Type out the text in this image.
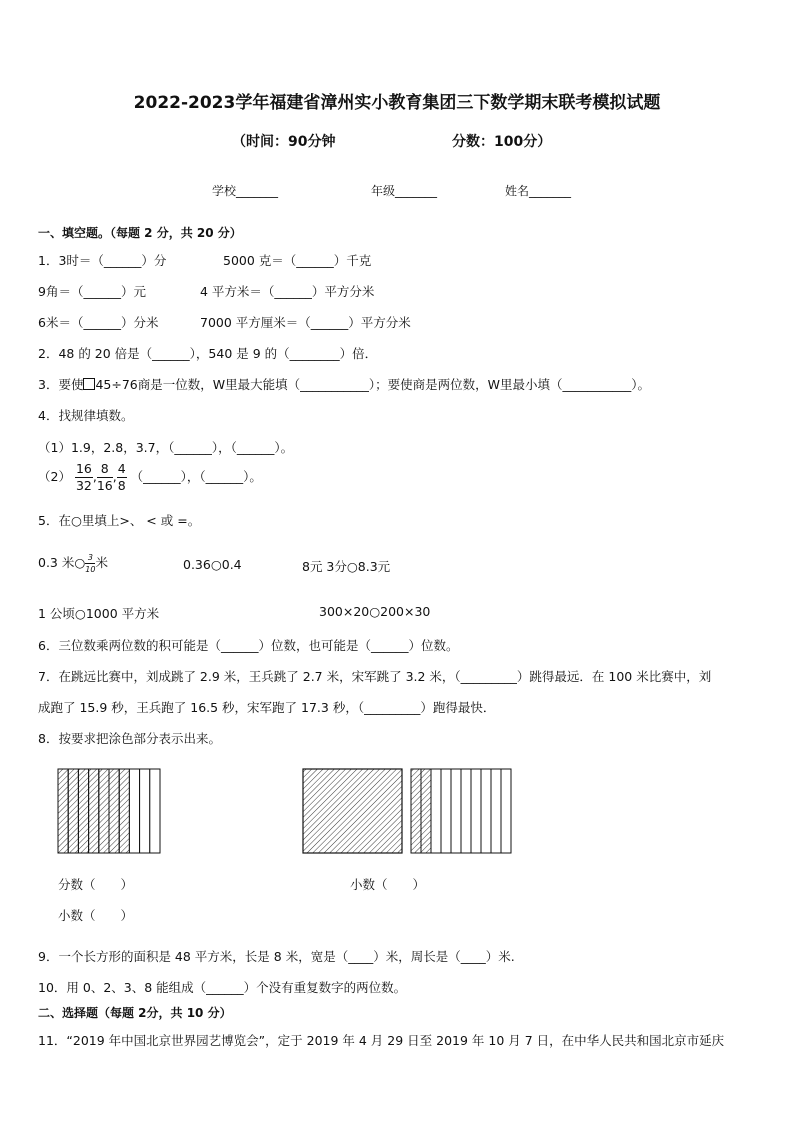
2022-2023学年福建省漳州实小教育集团三下数学期末联考模拟试题
（时间：90分钟	分数：100分）
学校_______	年级_______	姓名_______
一、填空题。（每题 2 分，共 20 分）
1．3时＝（______）分	5000 克＝（______）千克
9角＝（______）元	4 平方米＝（______）平方分米
6米＝（______）分米	7000 平方厘米＝（______）平方分米
2．48 的 20 倍是（______），540 是 9 的（________）倍．
3．要使 45÷76商是一位数，W里最大能填（___________）；要使商是两位数，W里最小填（___________）。
4．找规律填数。
（1）1.9，2.8，3.7，（______），（______）。
$(2) \frac{16}{32}$ , $\frac{8}{16}$ , $\frac{4}{8}$ （______），（______）。
5．在○里填上>、 < 或 =。
0.3 米○ $\frac{3}{10}$ 米	0.36○0.4	8元 3分○8.3元
1 公顷○1000 平方米	300×20○200×30
6．三位数乘两位数的积可能是（______）位数，也可能是（______）位数。
7．在跳远比赛中，刘成跳了 2.9 米，王兵跳了 2.7 米，宋军跳了 3.2 米，（_________）跳得最远．在 100 米比赛中，刘
成跑了 15.9 秒，王兵跑了 16.5 秒，宋军跑了 17.3 秒，（_________）跑得最快．
8．按要求把涂色部分表示出来。
分数（　　）	小数（　　）
小数（　　）
9．一个长方形的面积是 48 平方米，长是 8 米，宽是（____）米，周长是（____）米.
10．用 0、2、3、8 能组成（______）个没有重复数字的两位数。
二、选择题（每题 2分，共 10 分）
11．“2019 年中国北京世界园艺博览会”，定于 2019 年 4 月 29 日至 2019 年 10 月 7 日，在中华人民共和国北京市延庆
